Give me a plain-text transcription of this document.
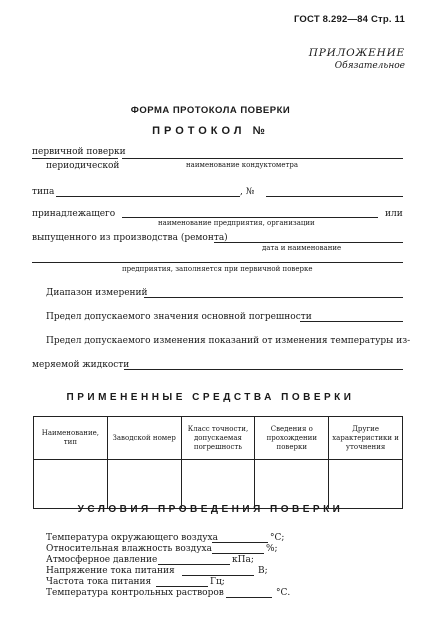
ГОСТ 8.292—84 Стр. 11
ПРИЛОЖЕНИЕ
Обязательное
ФОРМА ПРОТОКОЛА ПОВЕРКИ
ПРОТОКОЛ №
первичной поверки
периодической	наименование кондуктометра
типа	, №
принадлежащего
наименование предприятия, организации
или
выпущенного из производства (ремонта)
дата и наименование
предприятия, заполняется при первичной поверке
Диапазон измерений
Предел допускаемого значения основной погрешности
Предел допускаемого изменения показаний от изменения температуры из-
меряемой жидкости
ПРИМЕНЕННЫЕ СРЕДСТВА ПОВЕРКИ
Наименование, тип	Заводской номер	Класс точности, допускаемая погрешность	Сведения о прохождении поверки	Другие характеристики и уточнения

УСЛОВИЯ ПРОВЕДЕНИЯ ПОВЕРКИ
Температура окружающего воздуха	°С;
Относительная влажность воздуха	%;
Атмосферное давление	кПа;
Напряжение тока питания	В;
Частота тока питания	Гц;
Температура контрольных растворов	°С.
